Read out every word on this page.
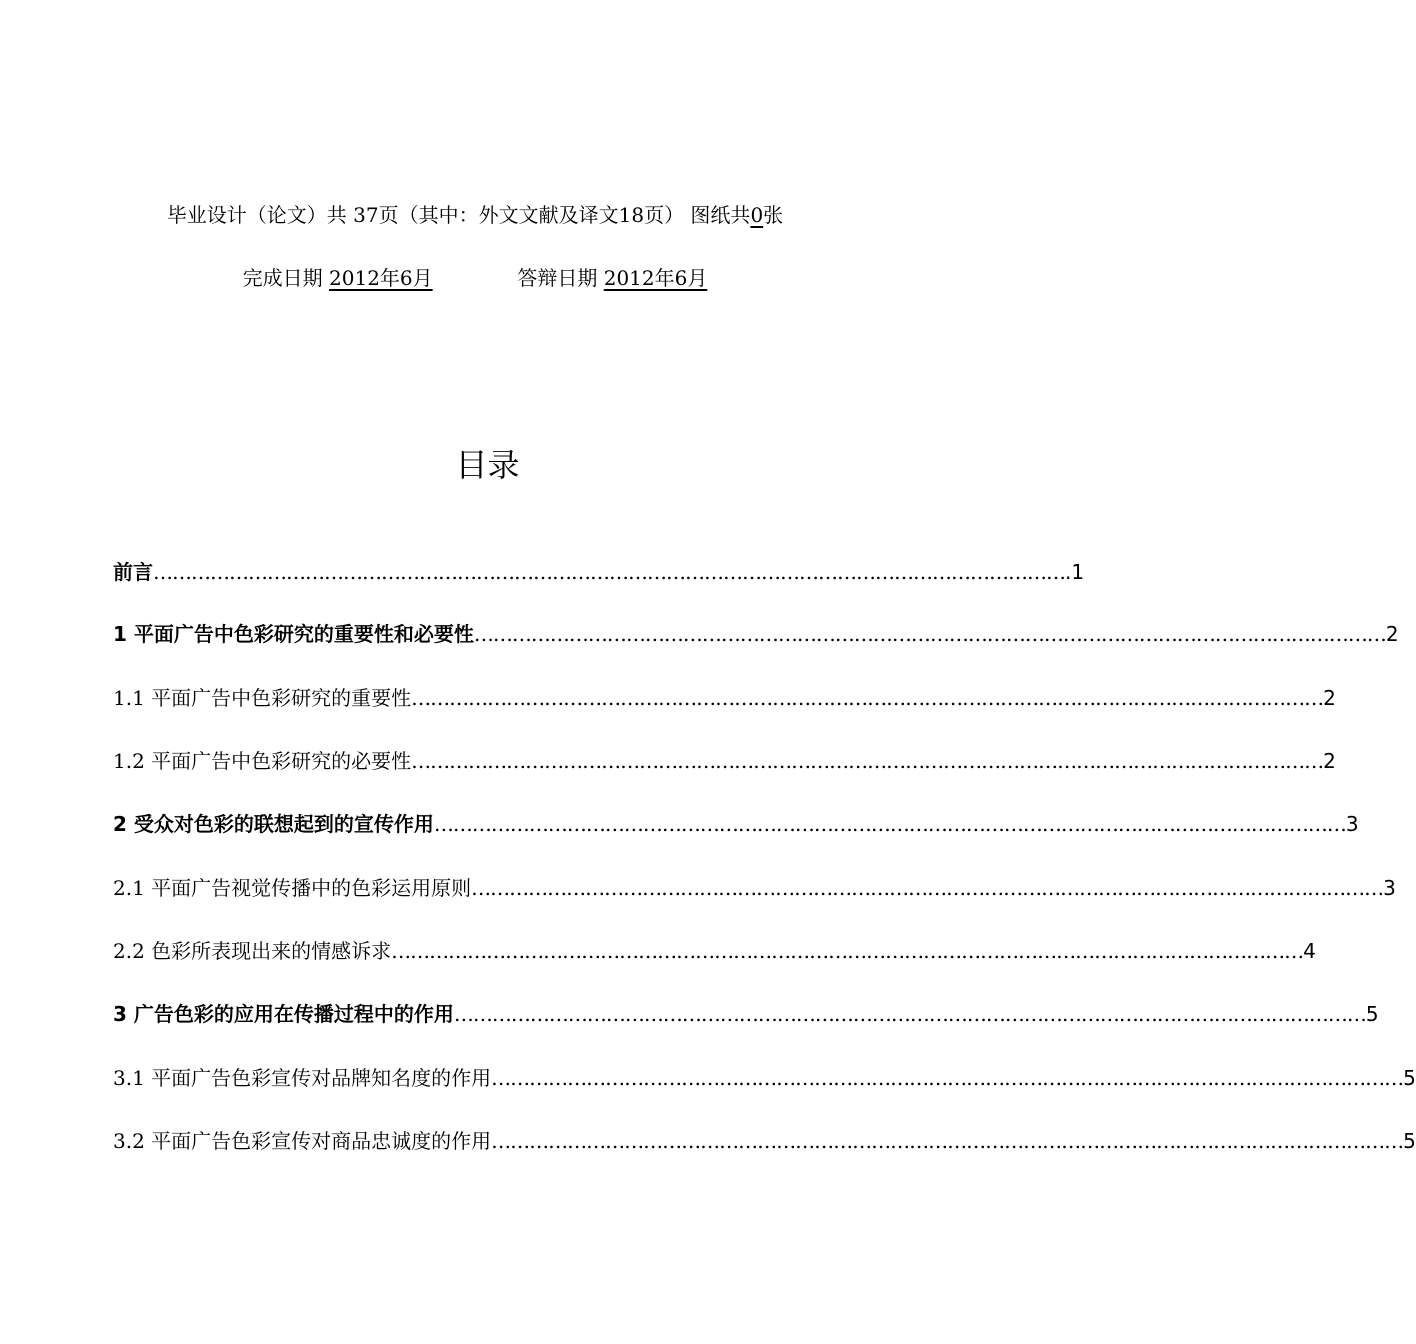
毕业设计（论文）共 37页（其中：外文文献及译文18页） 图纸共0张
完成日期 2012年6月	答辩日期 2012年6月
目录
前言 ……………………………………………………………………………………………………………………………… .1
1 平面广告中色彩研究的重要性和必要性 ……………………………………………………………………………………………………………………………… 2
1.1 平面广告中色彩研究的重要性 ……………………………………………………………………………………………………………………………… 2
1.2 平面广告中色彩研究的必要性 ……………………………………………………………………………………………………………………………… 2
2 受众对色彩的联想起到的宣传作用 ……………………………………………………………………………………………………………………………… 3
2.1 平面广告视觉传播中的色彩运用原则 ……………………………………………………………………………………………………………………………… 3
2.2 色彩所表现出来的情感诉求 ……………………………………………………………………………………………………………………………… 4
3 广告色彩的应用在传播过程中的作用 ……………………………………………………………………………………………………………………………… 5
3.1 平面广告色彩宣传对品牌知名度的作用 ……………………………………………………………………………………………………………………………… 5
3.2 平面广告色彩宣传对商品忠诚度的作用 ……………………………………………………………………………………………………………………………… 5
